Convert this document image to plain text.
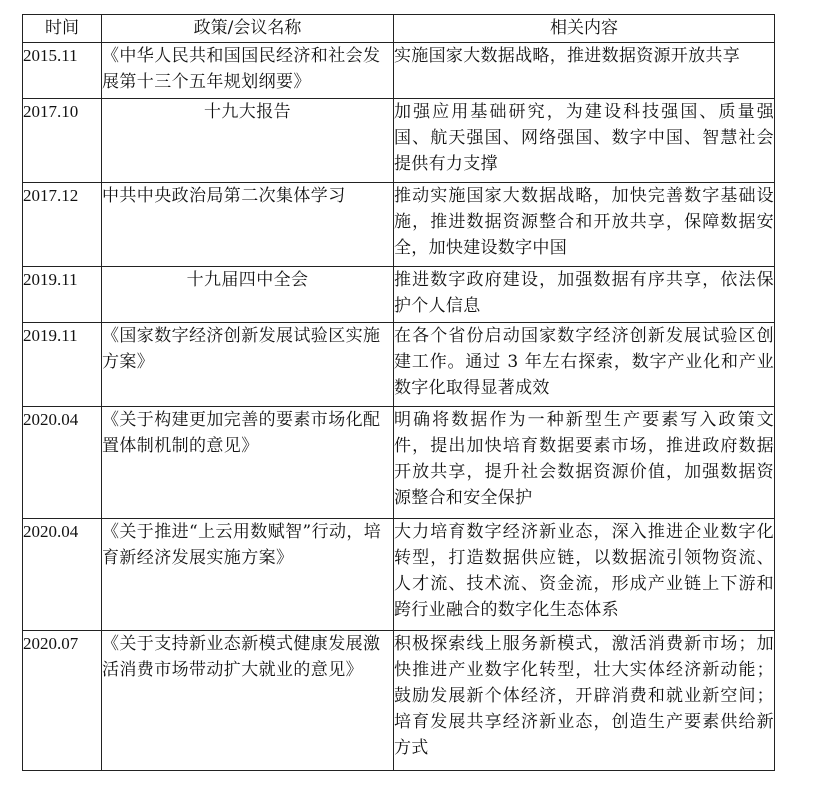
时间	政策/会议名称	相关内容
2015.11	《中华人民共和国国民经济和社会发展第十三个五年规划纲要》	实施国家大数据战略，推进数据资源开放共享
2017.10	十九大报告	加强应用基础研究，为建设科技强国、质量强国、航天强国、网络强国、数字中国、智慧社会提供有力支撑
2017.12	中共中央政治局第二次集体学习	推动实施国家大数据战略，加快完善数字基础设施，推进数据资源整合和开放共享，保障数据安全，加快建设数字中国
2019.11	十九届四中全会	推进数字政府建设，加强数据有序共享，依法保护个人信息
2019.11	《国家数字经济创新发展试验区实施方案》	在各个省份启动国家数字经济创新发展试验区创建工作。通过 3 年左右探索，数字产业化和产业数字化取得显著成效
2020.04	《关于构建更加完善的要素市场化配置体制机制的意见》	明确将数据作为一种新型生产要素写入政策文件，提出加快培育数据要素市场，推进政府数据开放共享，提升社会数据资源价值，加强数据资源整合和安全保护
2020.04	《关于推进“上云用数赋智”行动，培育新经济发展实施方案》	大力培育数字经济新业态，深入推进企业数字化转型，打造数据供应链，以数据流引领物资流、人才流、技术流、资金流，形成产业链上下游和跨行业融合的数字化生态体系
2020.07	《关于支持新业态新模式健康发展激活消费市场带动扩大就业的意见》	积极探索线上服务新模式，激活消费新市场；加快推进产业数字化转型，壮大实体经济新动能；鼓励发展新个体经济，开辟消费和就业新空间；培育发展共享经济新业态，创造生产要素供给新方式
